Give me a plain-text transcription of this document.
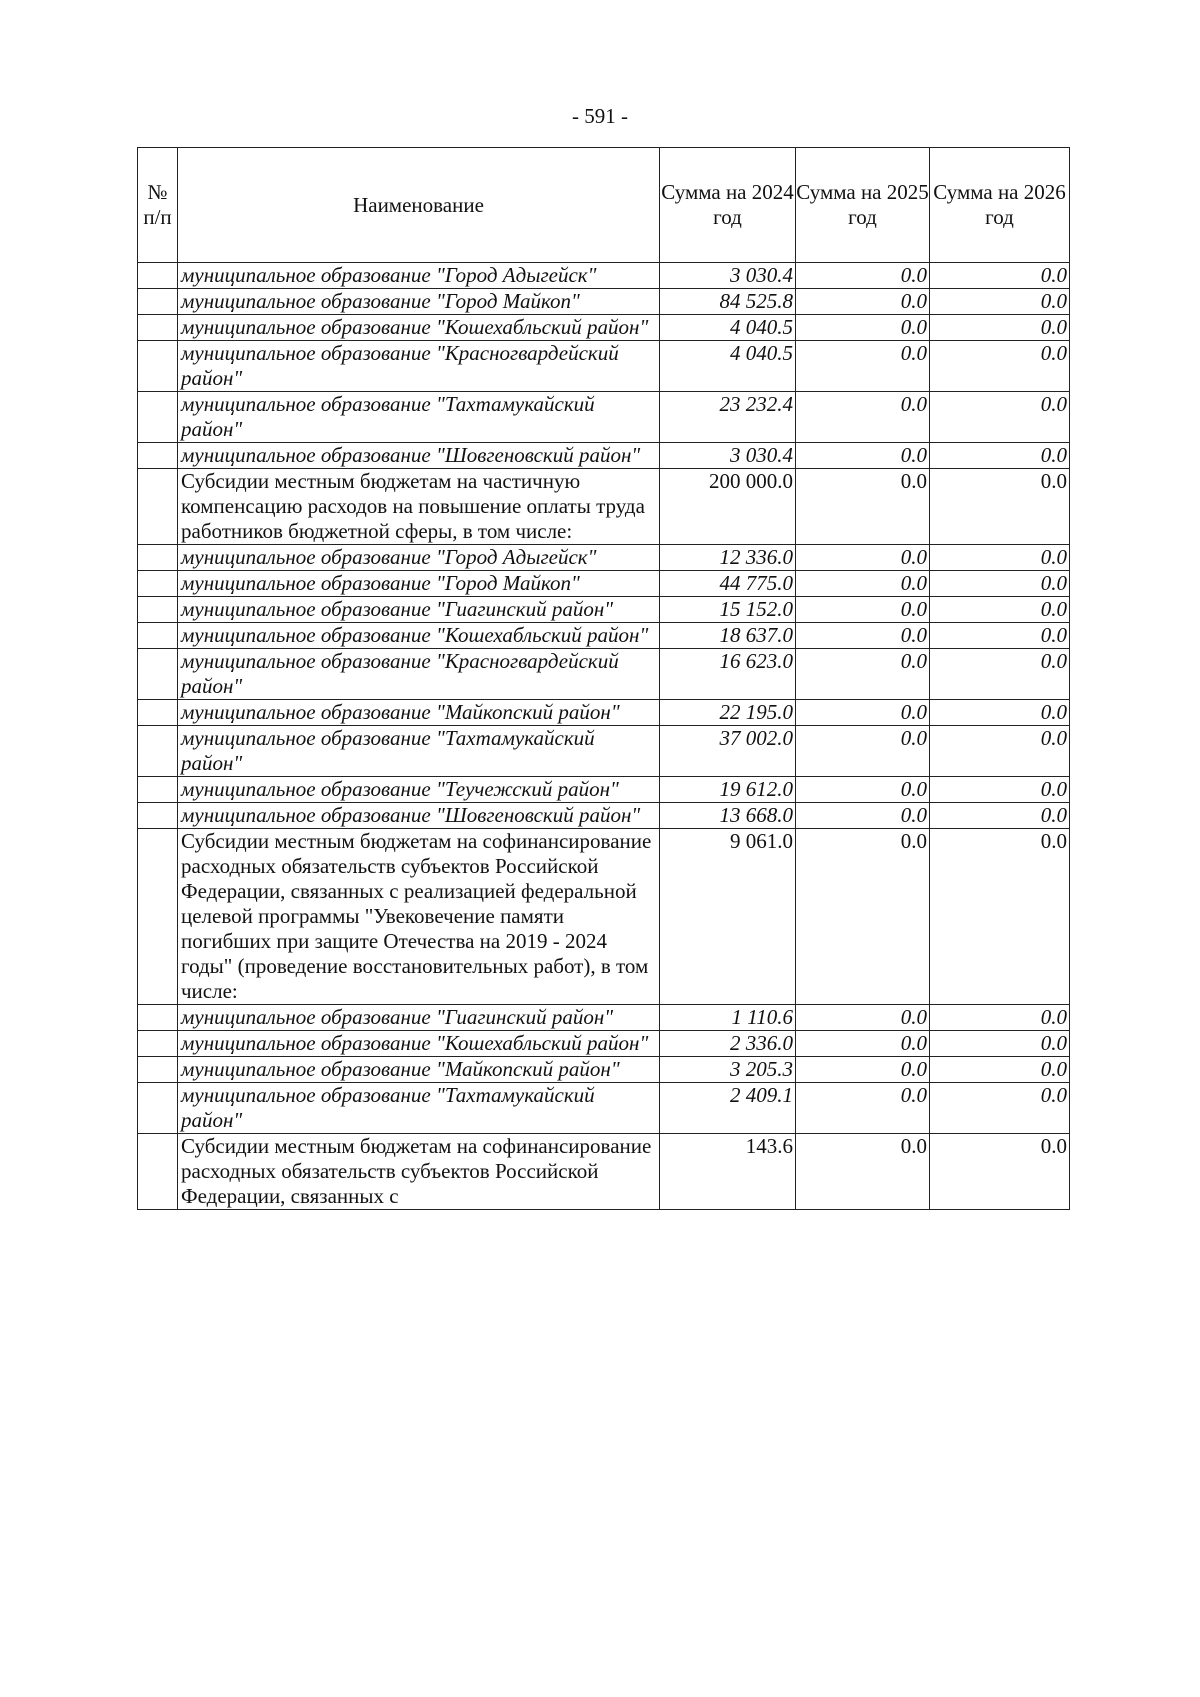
- 591 -
№ п/п	Наименование	Сумма на 2024 год	Сумма на 2025 год	Сумма на 2026 год
	муниципальное образование "Город Адыгейск"	3 030.4	0.0	0.0
	муниципальное образование "Город Майкоп"	84 525.8	0.0	0.0
	муниципальное образование "Кошехабльский район"	4 040.5	0.0	0.0
	муниципальное образование "Красногвардейский район"	4 040.5	0.0	0.0
	муниципальное образование "Тахтамукайский район"	23 232.4	0.0	0.0
	муниципальное образование "Шовгеновский район"	3 030.4	0.0	0.0
	Субсидии местным бюджетам на частичную компенсацию расходов на повышение оплаты труда работников бюджетной сферы, в том числе:	200 000.0	0.0	0.0
	муниципальное образование "Город Адыгейск"	12 336.0	0.0	0.0
	муниципальное образование "Город Майкоп"	44 775.0	0.0	0.0
	муниципальное образование "Гиагинский район"	15 152.0	0.0	0.0
	муниципальное образование "Кошехабльский район"	18 637.0	0.0	0.0
	муниципальное образование "Красногвардейский район"	16 623.0	0.0	0.0
	муниципальное образование "Майкопский район"	22 195.0	0.0	0.0
	муниципальное образование "Тахтамукайский район"	37 002.0	0.0	0.0
	муниципальное образование "Теучежский район"	19 612.0	0.0	0.0
	муниципальное образование "Шовгеновский район"	13 668.0	0.0	0.0
	Субсидии местным бюджетам на софинансирование расходных обязательств субъектов Российской Федерации, связанных с реализацией федеральной целевой программы "Увековечение памяти погибших при защите Отечества на 2019 - 2024 годы" (проведение восстановительных работ), в том числе:	9 061.0	0.0	0.0
	муниципальное образование "Гиагинский район"	1 110.6	0.0	0.0
	муниципальное образование "Кошехабльский район"	2 336.0	0.0	0.0
	муниципальное образование "Майкопский район"	3 205.3	0.0	0.0
	муниципальное образование "Тахтамукайский район"	2 409.1	0.0	0.0
	Субсидии местным бюджетам на софинансирование расходных обязательств субъектов Российской Федерации, связанных с	143.6	0.0	0.0
